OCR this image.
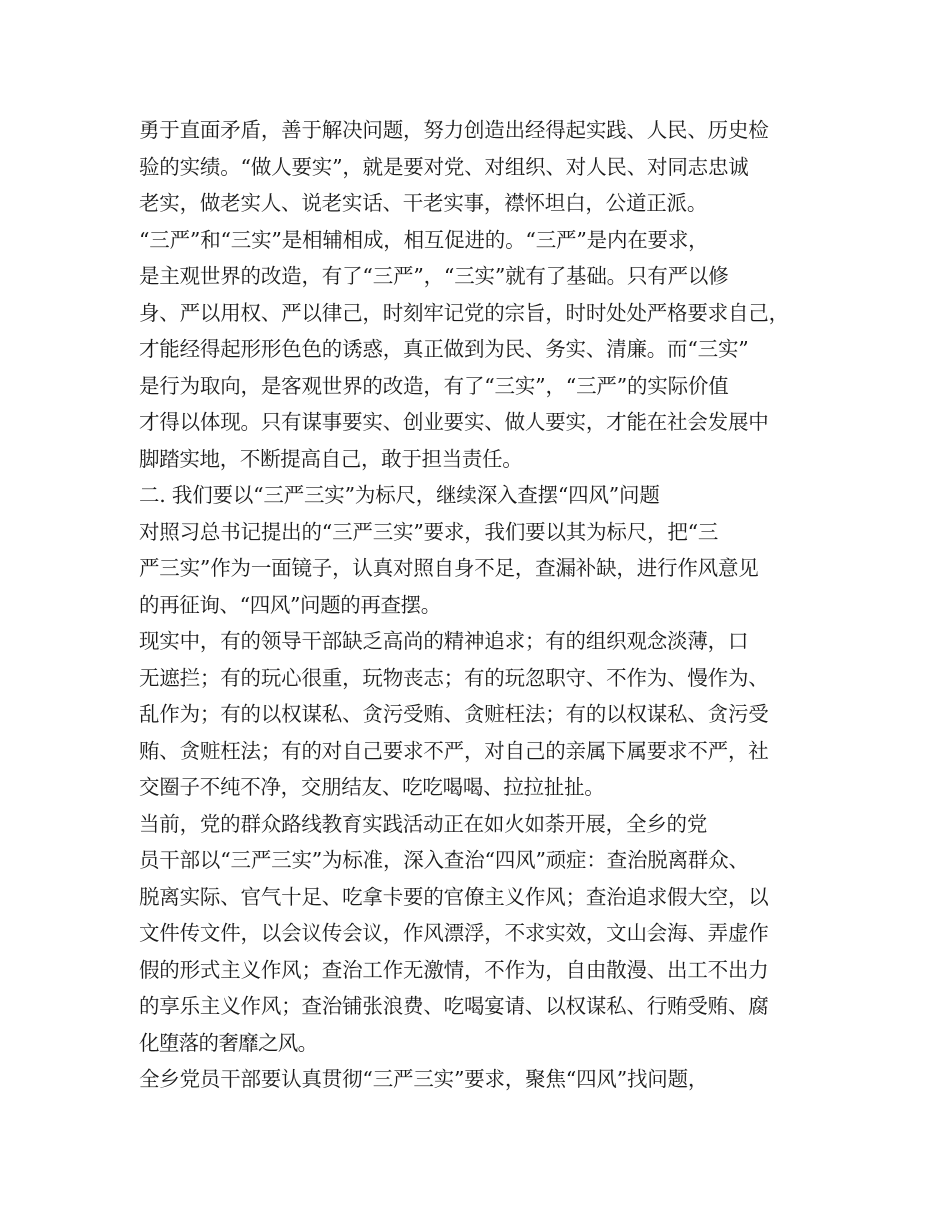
勇于直面矛盾，善于解决问题，努力创造出经得起实践、人民、历史检
验的实绩。“做人要实”，就是要对党、对组织、对人民、对同志忠诚
老实，做老实人、说老实话、干老实事，襟怀坦白，公道正派。
“三严”和“三实”是相辅相成，相互促进的。“三严”是内在要求，
是主观世界的改造，有了“三严”，“三实”就有了基础。只有严以修
身、严以用权、严以律己，时刻牢记党的宗旨，时时处处严格要求自己，
才能经得起形形色色的诱惑，真正做到为民、务实、清廉。而“三实”
是行为取向，是客观世界的改造，有了“三实”，“三严”的实际价值
才得以体现。只有谋事要实、创业要实、做人要实，才能在社会发展中
脚踏实地，不断提高自己，敢于担当责任。
二. 我们要以“三严三实”为标尺，继续深入查摆“四风”问题
对照习总书记提出的“三严三实”要求，我们要以其为标尺，把“三
严三实”作为一面镜子，认真对照自身不足，查漏补缺，进行作风意见
的再征询、“四风”问题的再查摆。
现实中，有的领导干部缺乏高尚的精神追求；有的组织观念淡薄，口
无遮拦；有的玩心很重，玩物丧志；有的玩忽职守、不作为、慢作为、
乱作为；有的以权谋私、贪污受贿、贪赃枉法；有的以权谋私、贪污受
贿、贪赃枉法；有的对自己要求不严，对自己的亲属下属要求不严，社
交圈子不纯不净，交朋结友、吃吃喝喝、拉拉扯扯。
当前，党的群众路线教育实践活动正在如火如荼开展，全乡的党
员干部以“三严三实”为标准，深入查治“四风”顽症：查治脱离群众、
脱离实际、官气十足、吃拿卡要的官僚主义作风；查治追求假大空，以
文件传文件，以会议传会议，作风漂浮，不求实效，文山会海、弄虚作
假的形式主义作风；查治工作无激情，不作为，自由散漫、出工不出力
的享乐主义作风；查治铺张浪费、吃喝宴请、以权谋私、行贿受贿、腐
化堕落的奢靡之风。
全乡党员干部要认真贯彻“三严三实”要求，聚焦“四风”找问题，
